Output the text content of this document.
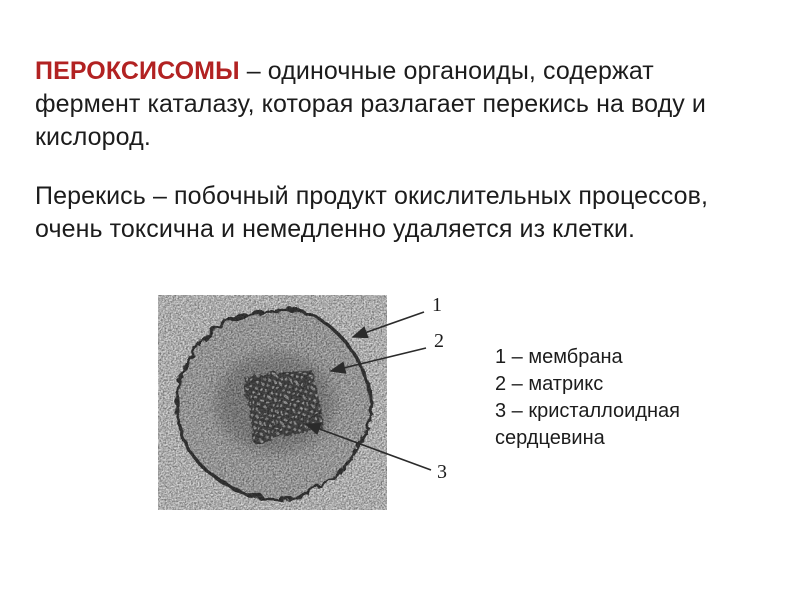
ПЕРОКСИСОМЫ – одиночные органоиды, содержат
фермент каталазу, которая разлагает перекись на воду и
кислород.

Перекись – побочный продукт окислительных процессов,
очень токсична и немедленно удаляется из клетки.

1
2
3
1 – мембрана
2 – матрикс
3 – кристаллоидная сердцевина
